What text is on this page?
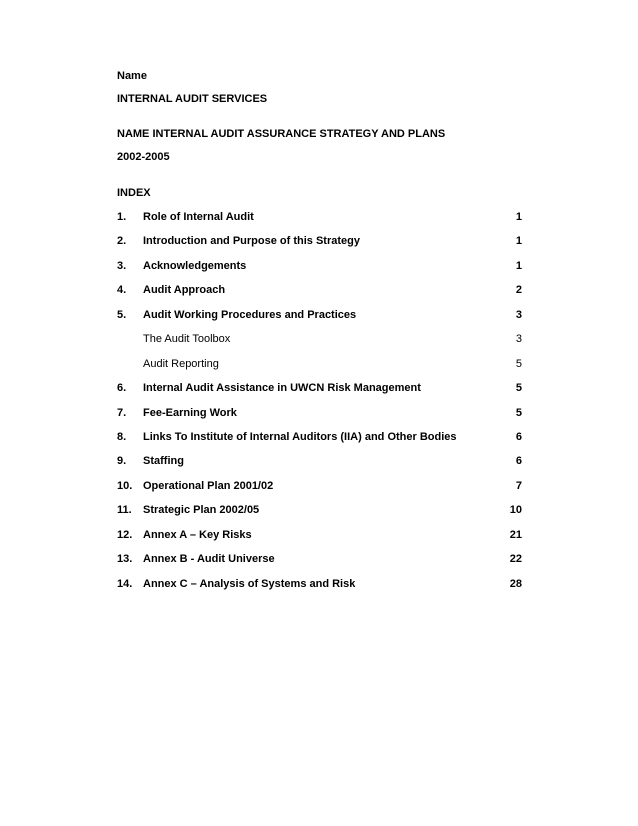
Name
INTERNAL AUDIT SERVICES
NAME INTERNAL AUDIT ASSURANCE STRATEGY AND PLANS
2002-2005
INDEX
1. Role of Internal Audit	1
2. Introduction and Purpose of this Strategy	1
3. Acknowledgements	1
4. Audit Approach	2
5. Audit Working Procedures and Practices	3
The Audit Toolbox	3
Audit Reporting	5
6. Internal Audit Assistance in UWCN Risk Management	5
7. Fee-Earning Work	5
8. Links To Institute of Internal Auditors (IIA) and Other Bodies	6
9. Staffing	6
10. Operational Plan 2001/02	7
11. Strategic Plan 2002/05	10
12. Annex A – Key Risks	21
13. Annex B - Audit Universe	22
14. Annex C – Analysis of Systems and Risk	28
